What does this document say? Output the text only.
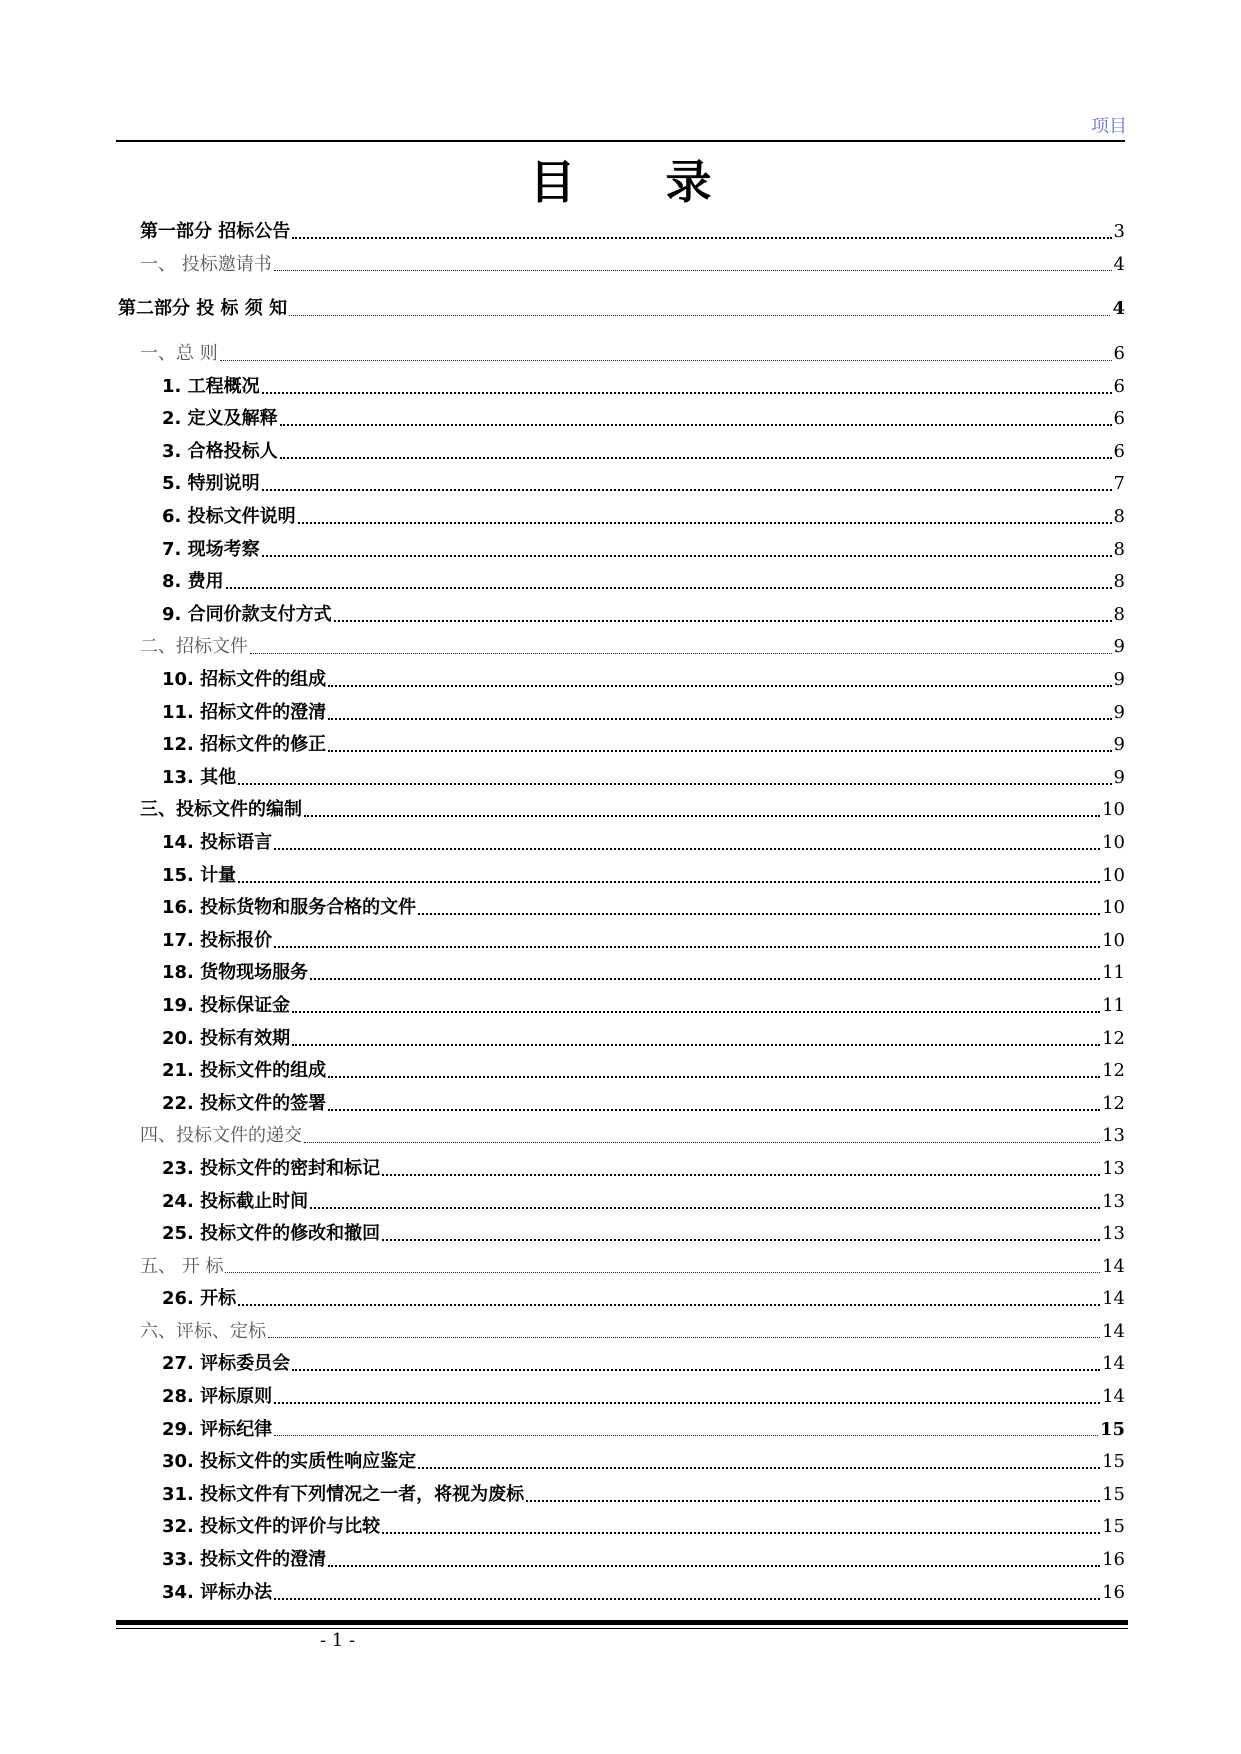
项目
目录
第一部分 招标公告	3
一、 投标邀请书	4
第二部分 投 标 须 知	4
一、总 则	6
1. 工程概况	6
2. 定义及解释	6
3. 合格投标人	6
5. 特别说明	7
6. 投标文件说明	8
7. 现场考察	8
8. 费用	8
9. 合同价款支付方式	8
二、招标文件	9
10. 招标文件的组成	9
11. 招标文件的澄清	9
12. 招标文件的修正	9
13. 其他	9
三、投标文件的编制	10
14. 投标语言	10
15. 计量	10
16. 投标货物和服务合格的文件	10
17. 投标报价	10
18. 货物现场服务	11
19. 投标保证金	11
20. 投标有效期	12
21. 投标文件的组成	12
22. 投标文件的签署	12
四、投标文件的递交	13
23. 投标文件的密封和标记	13
24. 投标截止时间	13
25. 投标文件的修改和撤回	13
五、 开 标	14
26. 开标	14
六、评标、定标	14
27. 评标委员会	14
28. 评标原则	14
29. 评标纪律	15
30. 投标文件的实质性响应鉴定	15
31. 投标文件有下列情况之一者，将视为废标	15
32. 投标文件的评价与比较	15
33. 投标文件的澄清	16
34. 评标办法	16
- 1 -
